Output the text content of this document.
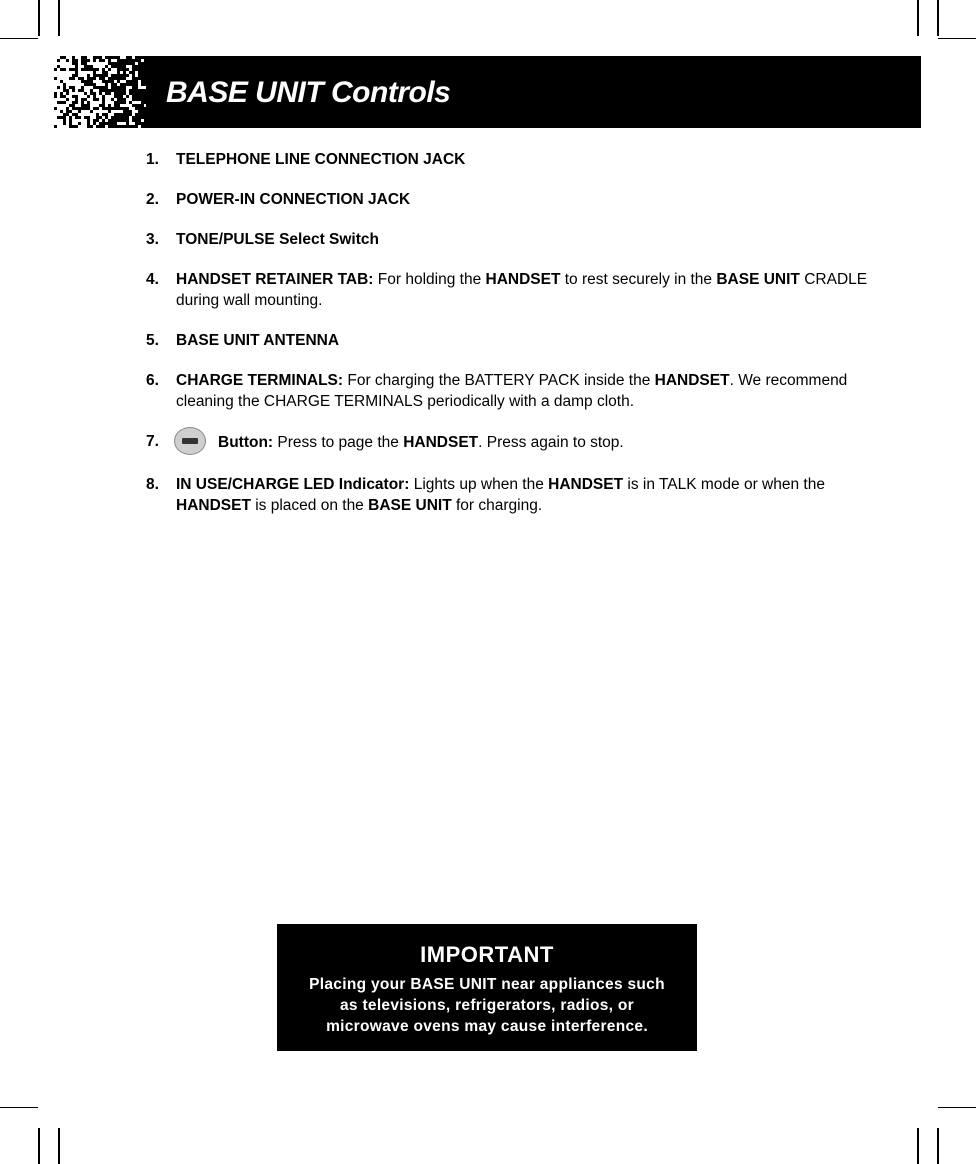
BASE UNIT Controls
1. TELEPHONE LINE CONNECTION JACK
2. POWER-IN CONNECTION JACK
3. TONE/PULSE Select Switch
4. HANDSET RETAINER TAB: For holding the HANDSET to rest securely in the BASE UNIT CRADLE during wall mounting.
5. BASE UNIT ANTENNA
6. CHARGE TERMINALS: For charging the BATTERY PACK inside the HANDSET. We recommend cleaning the CHARGE TERMINALS periodically with a damp cloth.
7.	Button: Press to page the HANDSET. Press again to stop.
8. IN USE/CHARGE LED Indicator: Lights up when the HANDSET is in TALK mode or when the HANDSET is placed on the BASE UNIT for charging.
IMPORTANT
Placing your BASE UNIT near appliances such
as televisions, refrigerators, radios, or
microwave ovens may cause interference.
